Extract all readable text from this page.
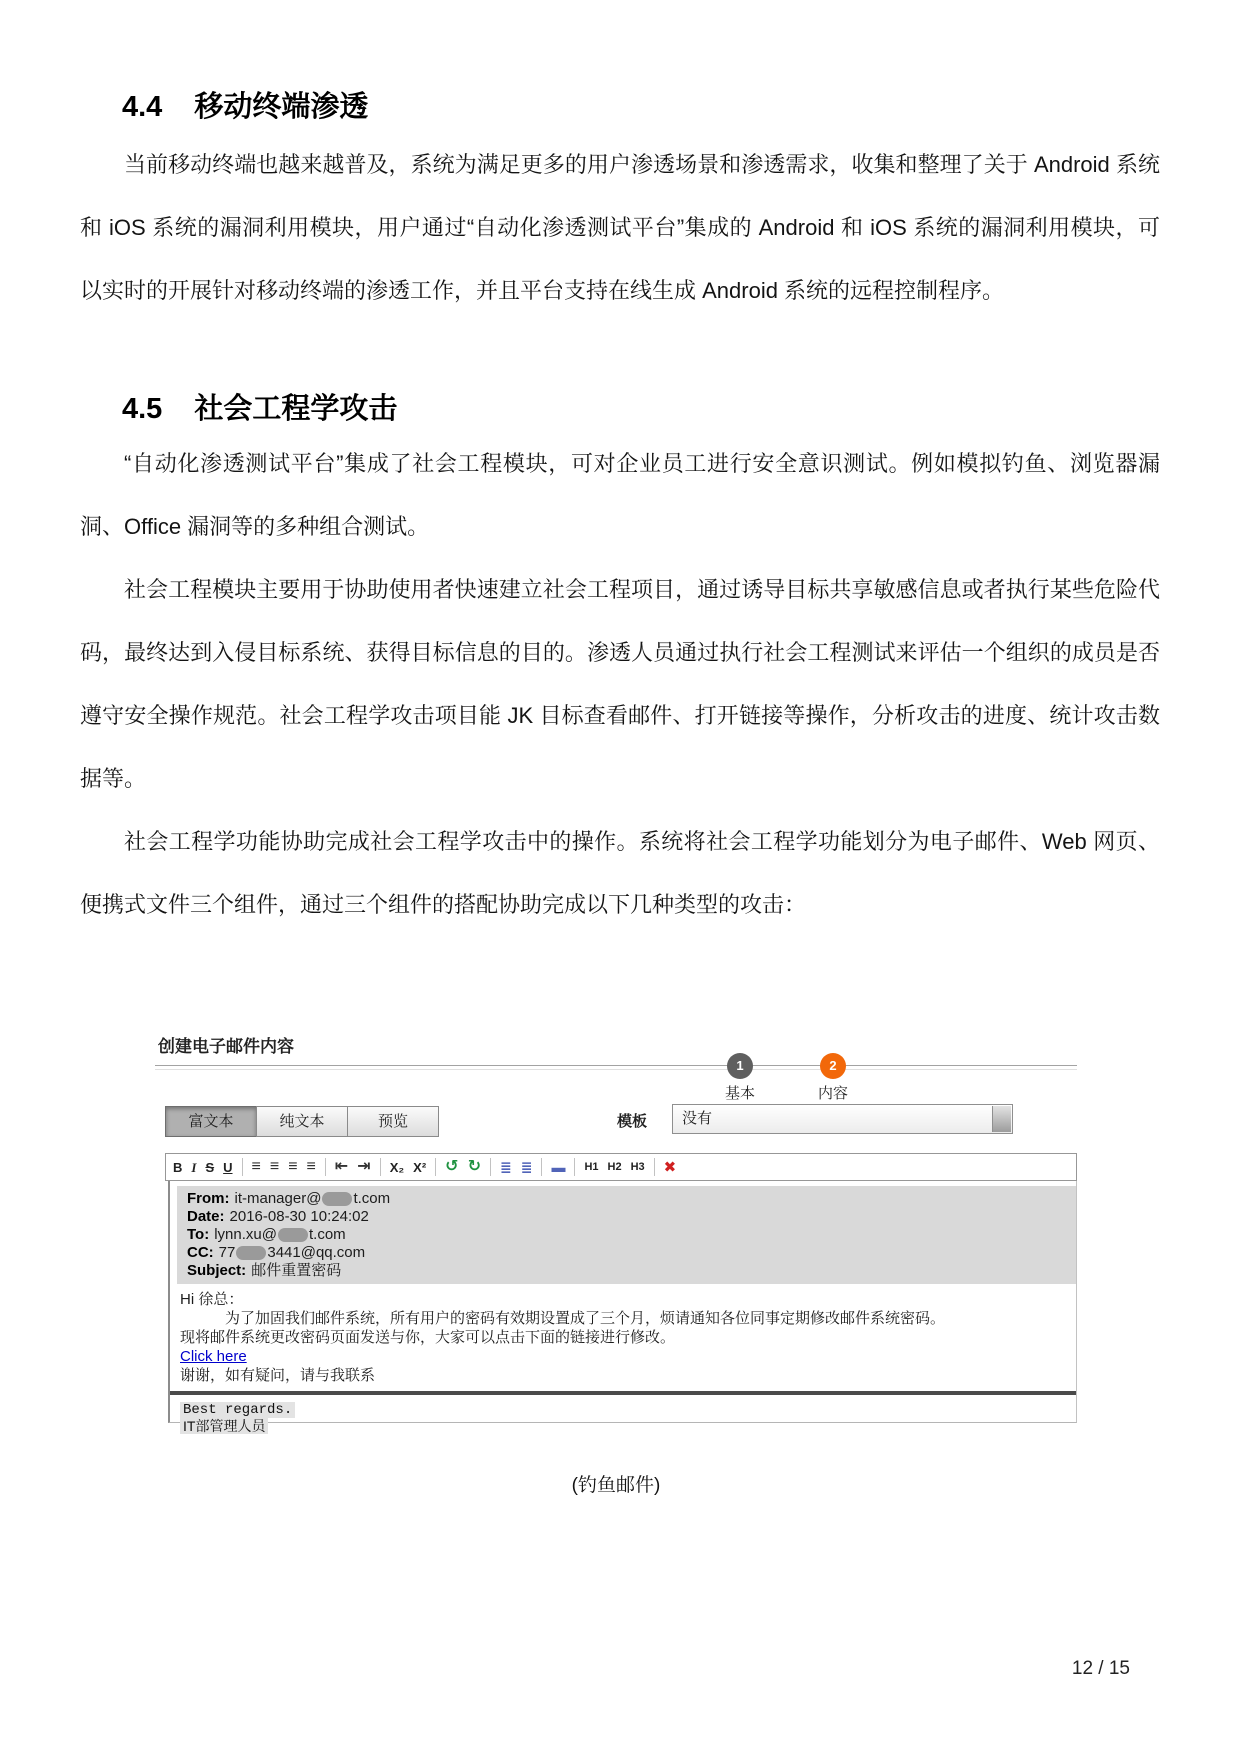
4.4 移动终端渗透
当前移动终端也越来越普及，系统为满足更多的用户渗透场景和渗透需求，收集和整理了关于 Android 系统和 iOS 系统的漏洞利用模块，用户通过“自动化渗透测试平台”集成的 Android 和 iOS 系统的漏洞利用模块，可以实时的开展针对移动终端的渗透工作，并且平台支持在线生成 Android 系统的远程控制程序。
4.5 社会工程学攻击
“自动化渗透测试平台”集成了社会工程模块，可对企业员工进行安全意识测试。例如模拟钓鱼、浏览器漏洞、Office 漏洞等的多种组合测试。
社会工程模块主要用于协助使用者快速建立社会工程项目，通过诱导目标共享敏感信息或者执行某些危险代码，最终达到入侵目标系统、获得目标信息的目的。渗透人员通过执行社会工程测试来评估一个组织的成员是否遵守安全操作规范。社会工程学攻击项目能 JK 目标查看邮件、打开链接等操作，分析攻击的进度、统计攻击数据等。
社会工程学功能协助完成社会工程学攻击中的操作。系统将社会工程学功能划分为电子邮件、Web 网页、便携式文件三个组件，通过三个组件的搭配协助完成以下几种类型的攻击：
创建电子邮件内容
1
基本
2
内容
富文本	纯文本	预览	模板	没有
B I S U ≡ ≡ ≡ ≡ ⇤ ⇥ X₂ X² ↺ ↻ ≣ ≣ ▬ H1 H2 H3 ✖
From: it-manager@ t.com
Date: 2016-08-30 10:24:02
To: lynn.xu@ t.com
CC: 77 3441@qq.com
Subject: 邮件重置密码
Hi 徐总：
为了加固我们邮件系统，所有用户的密码有效期设置成了三个月，烦请通知各位同事定期修改邮件系统密码。
现将邮件系统更改密码页面发送与你，大家可以点击下面的链接进行修改。
Click here
谢谢，如有疑问，请与我联系
Best regards.
IT部管理人员
(钓鱼邮件)
12 / 15
